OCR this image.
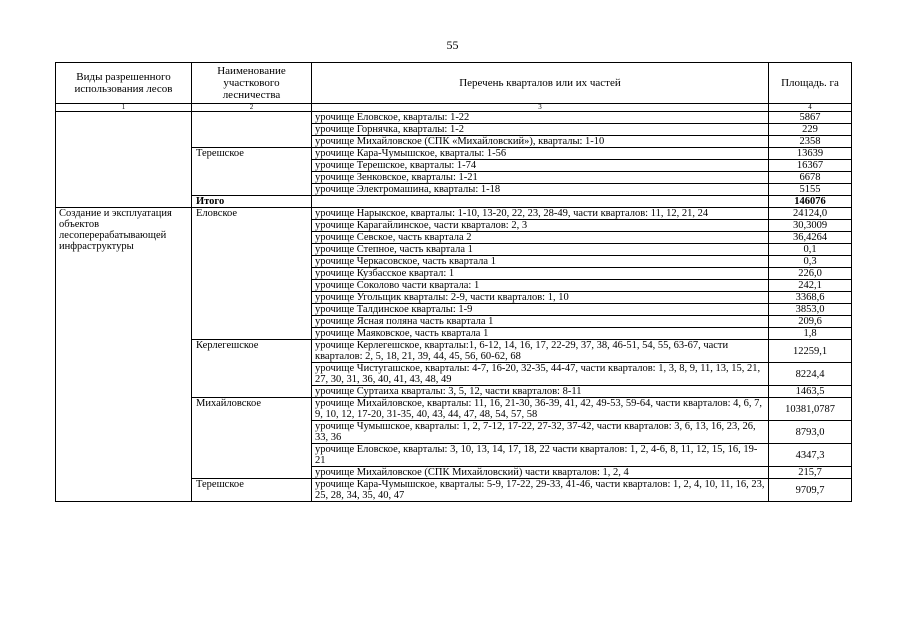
55
Виды разрешенного использования лесов	Наименование участкового лесничества	Перечень кварталов или их частей	Площадь. га
1	2	3	4
		урочище Еловское, кварталы: 1-22	5867
		урочище Горнячка, кварталы: 1-2	229
		урочище Михайловское (СПК «Михайловский»), кварталы: 1-10	2358
	Терешское	урочище Кара-Чумышское, кварталы: 1-56	13639
		урочище Терешское, кварталы: 1-74	16367
		урочище Зенковское, кварталы: 1-21	6678
		урочище Электромашина, кварталы: 1-18	5155
	Итого		146076
Создание и эксплуатация объектов лесоперерабатывающей инфраструктуры	Еловское	урочище Нарыкское, кварталы: 1-10, 13-20, 22, 23, 28-49, части кварталов: 11, 12, 21, 24	24124,0
		урочище Карагайлинское, части кварталов: 2, 3	30,3009
		урочище Севское, часть квартала 2	36,4264
		урочище Степное, часть квартала 1	0,1
		урочище Черкасовское, часть квартала 1	0,3
		урочище Кузбасское квартал: 1	226,0
		урочище Соколово части квартала: 1	242,1
		урочище Угольщик кварталы: 2-9, части кварталов: 1, 10	3368,6
		урочище Талдинское кварталы: 1-9	3853,0
		урочище Ясная поляна часть квартала 1	209,6
		урочище Маяковское, часть квартала 1	1,8
	Керлегешское	урочище Керлегешское, кварталы:1, 6-12, 14, 16, 17, 22-29, 37, 38, 46-51, 54, 55, 63-67, части кварталов: 2, 5, 18, 21, 39, 44, 45, 56, 60-62, 68	12259,1
		урочище Чистугашское, кварталы: 4-7, 16-20, 32-35, 44-47, части кварталов: 1, 3, 8, 9, 11, 13, 15, 21, 27, 30, 31, 36, 40, 41, 43, 48, 49	8224,4
		урочище Суртаиха кварталы: 3, 5, 12, части кварталов: 8-11	1463,5
	Михайловское	урочище Михайловское, кварталы: 11, 16, 21-30, 36-39, 41, 42, 49-53, 59-64, части кварталов: 4, 6, 7, 9, 10, 12, 17-20, 31-35, 40, 43, 44, 47, 48, 54, 57, 58	10381,0787
		урочище Чумышское, кварталы: 1, 2, 7-12, 17-22, 27-32, 37-42, части кварталов: 3, 6, 13, 16, 23, 26, 33, 36	8793,0
		урочище Еловское, кварталы: 3, 10, 13, 14, 17, 18, 22 части кварталов: 1, 2, 4-6, 8, 11, 12, 15, 16, 19-21	4347,3
		урочище Михайловское (СПК Михайловский) части кварталов: 1, 2, 4	215,7
	Терешское	урочище Кара-Чумышское, кварталы: 5-9, 17-22, 29-33, 41-46, части кварталов: 1, 2, 4, 10, 11, 16, 23, 25, 28, 34, 35, 40, 47	9709,7
